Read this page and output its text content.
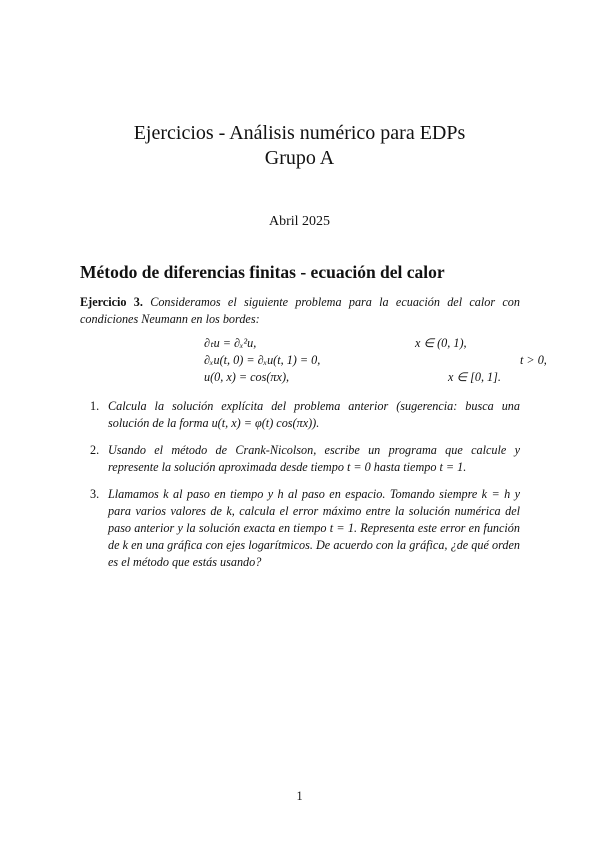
Ejercicios - Análisis numérico para EDPs
Grupo A
Abril 2025
Método de diferencias finitas - ecuación del calor
Ejercicio 3. Consideramos el siguiente problema para la ecuación del calor con condiciones Neumann en los bordes:
∂ₜu = ∂ₓ²u,	x ∈ (0, 1),
∂ₓu(t, 0) = ∂ₓu(t, 1) = 0,	t > 0,
u(0, x) = cos(πx),	x ∈ [0, 1].
1. Calcula la solución explícita del problema anterior (sugerencia: busca una solución de la forma u(t, x) = φ(t) cos(πx)).
2. Usando el método de Crank-Nicolson, escribe un programa que calcule y represente la solución aproximada desde tiempo t = 0 hasta tiempo t = 1.
3. Llamamos k al paso en tiempo y h al paso en espacio. Tomando siempre k = h y para varios valores de k, calcula el error máximo entre la solución numérica del paso anterior y la solución exacta en tiempo t = 1. Representa este error en función de k en una gráfica con ejes logarítmicos. De acuerdo con la gráfica, ¿de qué orden es el método que estás usando?
1
